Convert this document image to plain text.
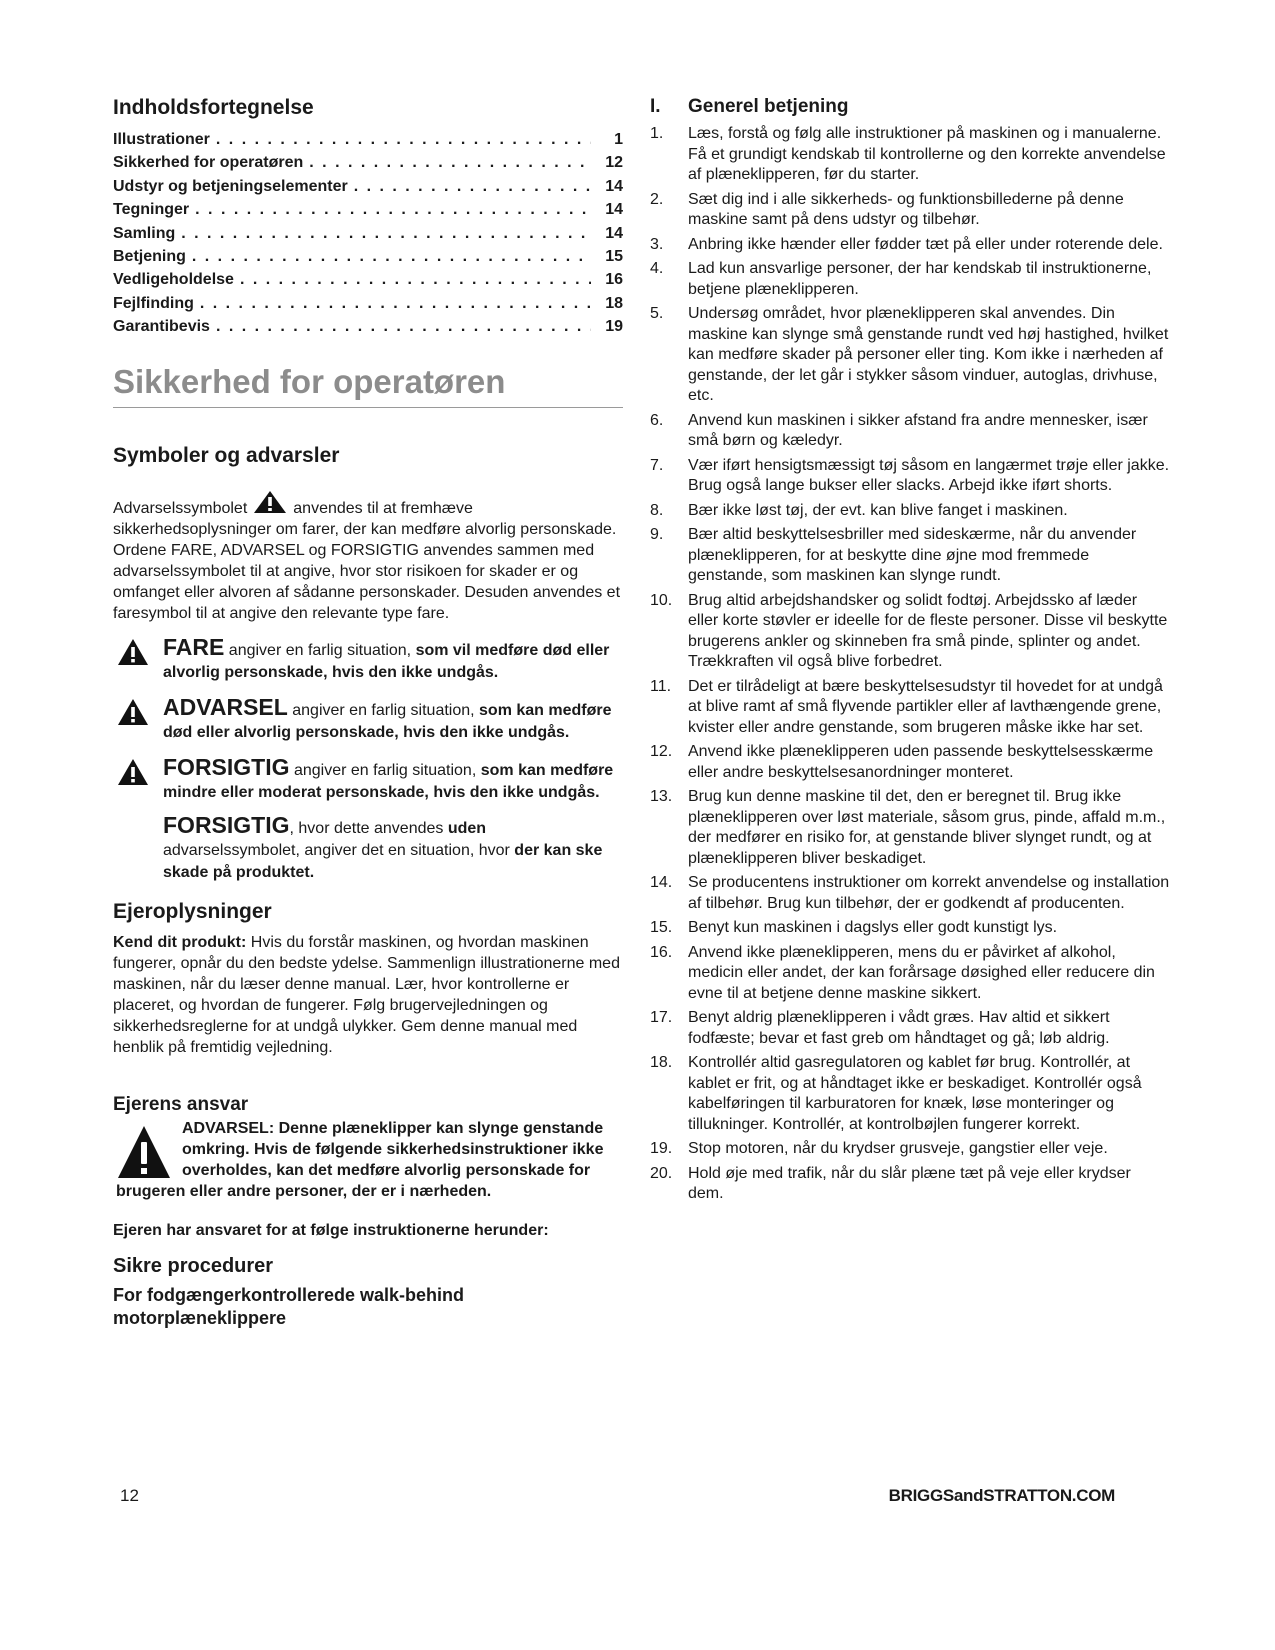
Indholdsfortegnelse
Illustrationer . . .	1
Sikkerhed for operatøren . . .	12
Udstyr og betjeningselementer . . .	14
Tegninger . . .	14
Samling . . .	14
Betjening . . .	15
Vedligeholdelse . . .	16
Fejlfinding . . .	18
Garantibevis . . .	19
Sikkerhed for operatøren
Symboler og advarsler

Advarselssymbolet	anvendes til at fremhæve sikkerhedsoplysninger om farer, der kan medføre alvorlig personskade. Ordene FARE, ADVARSEL og FORSIGTIG anvendes sammen med advarselssymbolet til at angive, hvor stor risikoen for skader er og omfanget eller alvoren af sådanne personskader. Desuden anvendes et faresymbol til at angive den relevante type fare.

FARE angiver en farlig situation, som vil medføre død eller alvorlig personskade, hvis den ikke undgås.
ADVARSEL angiver en farlig situation, som kan medføre død eller alvorlig personskade, hvis den ikke undgås.
FORSIGTIG angiver en farlig situation, som kan medføre mindre eller moderat personskade, hvis den ikke undgås.
FORSIGTIG, hvor dette anvendes uden advarselssymbolet, angiver det en situation, hvor der kan ske skade på produktet.
Ejeroplysninger

Kend dit produkt: Hvis du forstår maskinen, og hvordan maskinen fungerer, opnår du den bedste ydelse. Sammenlign illustrationerne med maskinen, når du læser denne manual. Lær, hvor kontrollerne er placeret, og hvordan de fungerer. Følg brugervejledningen og sikkerhedsreglerne for at undgå ulykker. Gem denne manual med henblik på fremtidig vejledning.

Ejerens ansvar
ADVARSEL: Denne plæneklipper kan slynge genstande omkring. Hvis de følgende sikkerhedsinstruktioner ikke overholdes, kan det medføre alvorlig personskade for brugeren eller andre personer, der er i nærheden.

Ejeren har ansvaret for at følge instruktionerne herunder:

Sikre procedurer
For fodgængerkontrollerede walk-behind motorplæneklippere
I.	Generel betjening
1.	Læs, forstå og følg alle instruktioner på maskinen og i manualerne. Få et grundigt kendskab til kontrollerne og den korrekte anvendelse af plæneklipperen, før du starter.
2.	Sæt dig ind i alle sikkerheds- og funktionsbillederne på denne maskine samt på dens udstyr og tilbehør.
3.	Anbring ikke hænder eller fødder tæt på eller under roterende dele.
4.	Lad kun ansvarlige personer, der har kendskab til instruktionerne, betjene plæneklipperen.
5.	Undersøg området, hvor plæneklipperen skal anvendes. Din maskine kan slynge små genstande rundt ved høj hastighed, hvilket kan medføre skader på personer eller ting. Kom ikke i nærheden af genstande, der let går i stykker såsom vinduer, autoglas, drivhuse, etc.
6.	Anvend kun maskinen i sikker afstand fra andre mennesker, især små børn og kæledyr.
7.	Vær iført hensigtsmæssigt tøj såsom en langærmet trøje eller jakke. Brug også lange bukser eller slacks. Arbejd ikke iført shorts.
8.	Bær ikke løst tøj, der evt. kan blive fanget i maskinen.
9.	Bær altid beskyttelsesbriller med sideskærme, når du anvender plæneklipperen, for at beskytte dine øjne mod fremmede genstande, som maskinen kan slynge rundt.
10. Brug altid arbejdshandsker og solidt fodtøj. Arbejdssko af læder eller korte støvler er ideelle for de fleste personer. Disse vil beskytte brugerens ankler og skinneben fra små pinde, splinter og andet. Trækkraften vil også blive forbedret.
11.	Det er tilrådeligt at bære beskyttelsesudstyr til hovedet for at undgå at blive ramt af små flyvende partikler eller af lavthængende grene, kvister eller andre genstande, som brugeren måske ikke har set.
12. Anvend ikke plæneklipperen uden passende beskyttelsesskærme eller andre beskyttelsesanordninger monteret.
13. Brug kun denne maskine til det, den er beregnet til. Brug ikke plæneklipperen over løst materiale, såsom grus, pinde, affald m.m., der medfører en risiko for, at genstande bliver slynget rundt, og at plæneklipperen bliver beskadiget.
14. Se producentens instruktioner om korrekt anvendelse og installation af tilbehør. Brug kun tilbehør, der er godkendt af producenten.
15. Benyt kun maskinen i dagslys eller godt kunstigt lys.
16. Anvend ikke plæneklipperen, mens du er påvirket af alkohol, medicin eller andet, der kan forårsage døsighed eller reducere din evne til at betjene denne maskine sikkert.
17. Benyt aldrig plæneklipperen i vådt græs. Hav altid et sikkert fodfæste; bevar et fast greb om håndtaget og gå; løb aldrig.
18. Kontrollér altid gasregulatoren og kablet før brug. Kontrollér, at kablet er frit, og at håndtaget ikke er beskadiget. Kontrollér også kabelføringen til karburatoren for knæk, løse monteringer og tillukninger. Kontrollér, at kontrolbøjlen fungerer korrekt.
19. Stop motoren, når du krydser grusveje, gangstier eller veje.
20. Hold øje med trafik, når du slår plæne tæt på veje eller krydser dem.
12	BRIGGSandSTRATTON.COM
